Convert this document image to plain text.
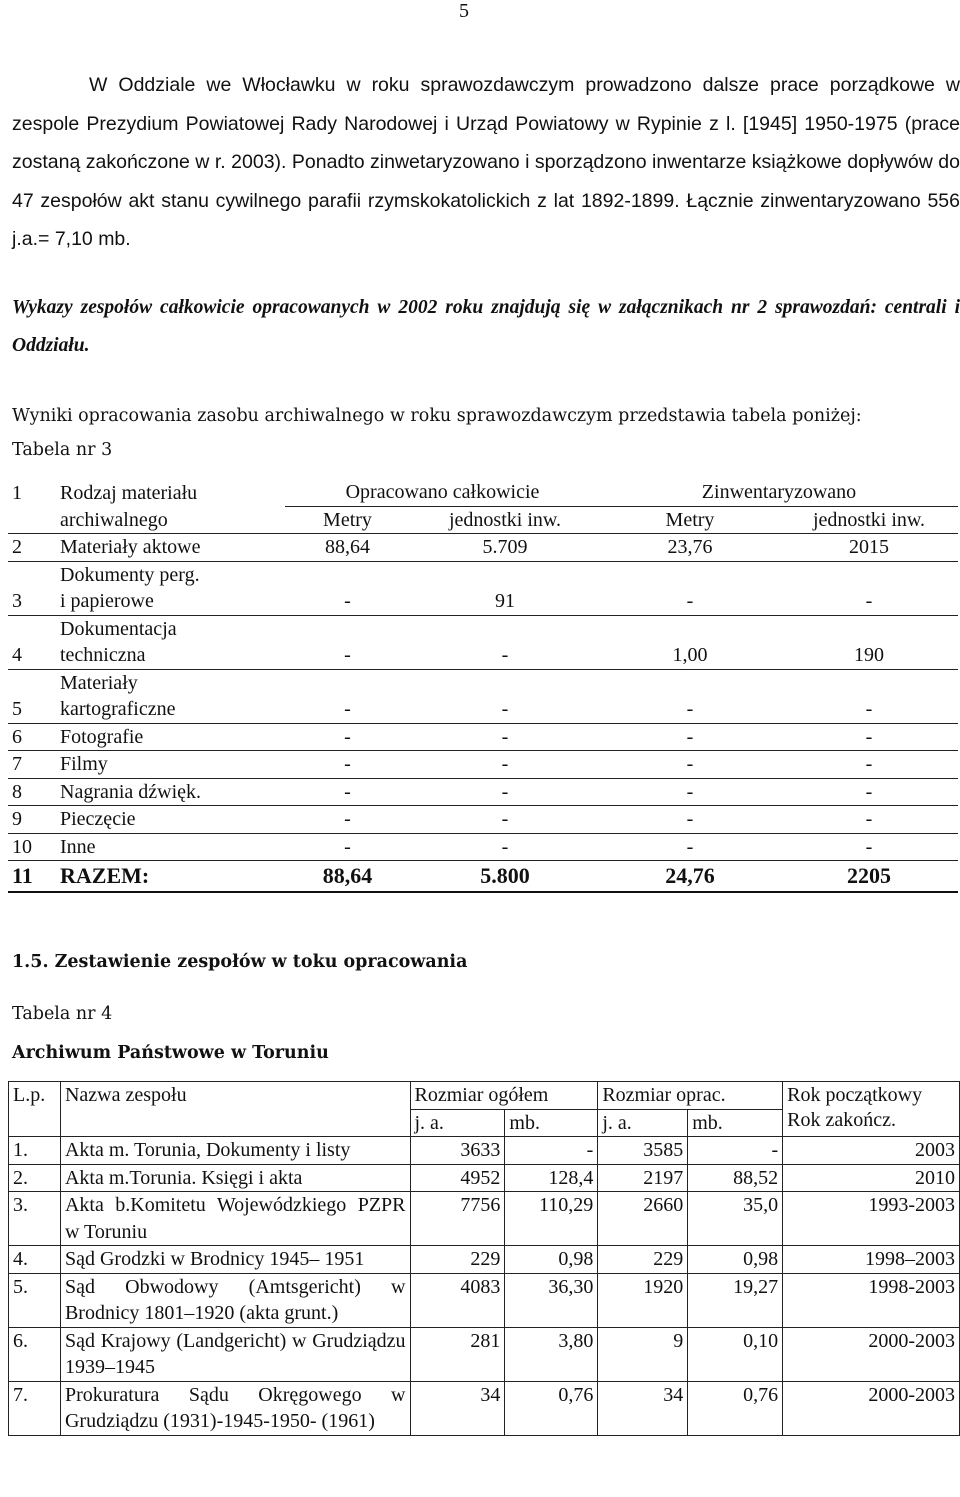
5

W Oddziale we Włocławku w roku sprawozdawczym prowadzono dalsze prace porządkowe w zespole Prezydium Powiatowej Rady Narodowej i Urząd Powiatowy w Rypinie z l. [1945] 1950-1975 (prace zostaną zakończone w r. 2003). Ponadto zinwetaryzowano i sporządzono inwentarze książkowe dopływów do 47 zespołów akt stanu cywilnego parafii rzymskokatolickich z lat 1892-1899. Łącznie zinwentaryzowano 556 j.a.= 7,10 mb.

Wykazy zespołów całkowicie opracowanych w 2002 roku znajdują się w załącznikach nr 2 sprawozdań: centrali i Oddziału.

Wyniki opracowania zasobu archiwalnego w roku sprawozdawczym przedstawia tabela poniżej:

Tabela nr 3

1	Rodzaj materiału	Opracowano całkowicie		Zinwentaryzowano	
	archiwalnego	Metry	jednostki inw.	Metry	jednostki inw.
2	Materiały aktowe	88,64	5.709	23,76	2015
3	Dokumenty perg.
i papierowe	-	91	-	-
4	Dokumentacja
techniczna	-	-	1,00	190
5	Materiały
kartograficzne	-	-	-	-
6	Fotografie	-	-	-	-
7	Filmy	-	-	-	-
8	Nagrania dźwięk.	-	-	-	-
9	Pieczęcie	-	-	-	-
10	Inne	-	-	-	-
11	RAZEM:	88,64	5.800	24,76	2205

1.5. Zestawienie zespołów w toku opracowania

Tabela nr 4

Archiwum Państwowe w Toruniu

L.p.	Nazwa zespołu	Rozmiar ogółem		Rozmiar oprac.		Rok początkowy
Rok zakończ.

		j. a.	mb.	j. a.	mb.	
1.	Akta m. Torunia, Dokumenty i listy	3633	-	3585	-	2003
2.	Akta m.Torunia. Księgi i akta	4952	128,4	2197	88,52	2010
3.	Akta b.Komitetu Wojewódzkiego PZPR w Toruniu	7756	110,29	2660	35,0	1993-2003
4.	Sąd Grodzki w Brodnicy 1945– 1951	229	0,98	229	0,98	1998–2003
5.	Sąd Obwodowy (Amtsgericht) w Brodnicy 1801–1920 (akta grunt.)	4083	36,30	1920	19,27	1998-2003
6.	Sąd Krajowy (Landgericht) w Grudziądzu 1939–1945	281	3,80	9	0,10	2000-2003
7.	Prokuratura Sądu Okręgowego w Grudziądzu (1931)-1945-1950- (1961)	34	0,76	34	0,76	2000-2003
